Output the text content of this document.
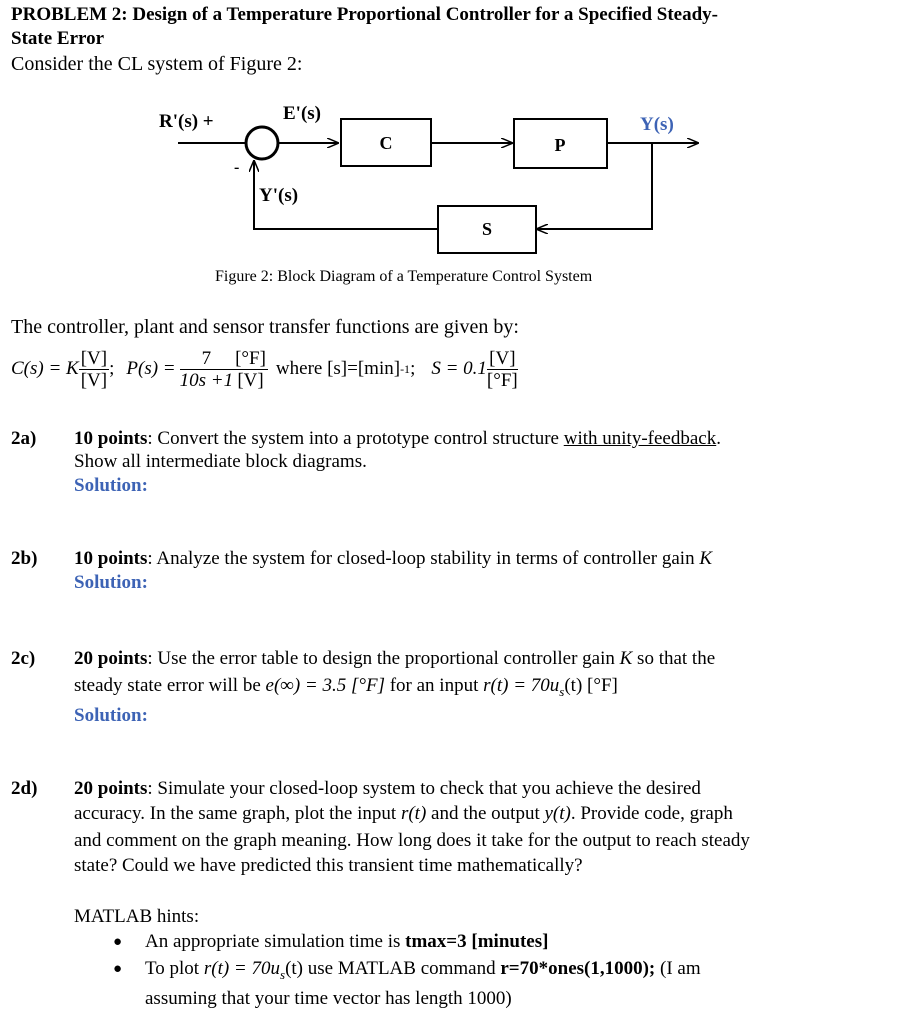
PROBLEM 2: Design of a Temperature Proportional Controller for a Specified Steady-
State Error
Consider the CL system of Figure 2:
R'(s) +	E'(s)
-
Y(s)
Y'(s)
C	P
S
Figure 2: Block Diagram of a Temperature Control System
The controller, plant and sensor transfer functions are given by:
C(s) = K $\frac{[V]}{[V]}$ ; $P(s) = \frac{7}{10s +1} \frac{[^\circ F]}{[V]}$ where [s]=[min] -1 ; $S = 0.1 \frac{[V]}{[^\circ F]}$
2a) 10 points: Convert the system into a prototype control structure with unity-feedback.
Show all intermediate block diagrams.
Solution:
2b) 10 points: Analyze the system for closed-loop stability in terms of controller gain K
Solution:
2c) 20 points: Use the error table to design the proportional controller gain K so that the
steady state error will be e(∞) = 3.5 [°F] for an input $r(t) = 70u_s(t)$ [°F]
Solution:
2d) 20 points: Simulate your closed-loop system to check that you achieve the desired
accuracy. In the same graph, plot the input r(t) and the output y(t). Provide code, graph
and comment on the graph meaning. How long does it take for the output to reach steady
state? Could we have predicted this transient time mathematically?
MATLAB hints:
● An appropriate simulation time is tmax=3 [minutes]
● To plot $r(t) = 70u_s(t)$ use MATLAB command r=70*ones(1,1000); (I am
assuming that your time vector has length 1000)
